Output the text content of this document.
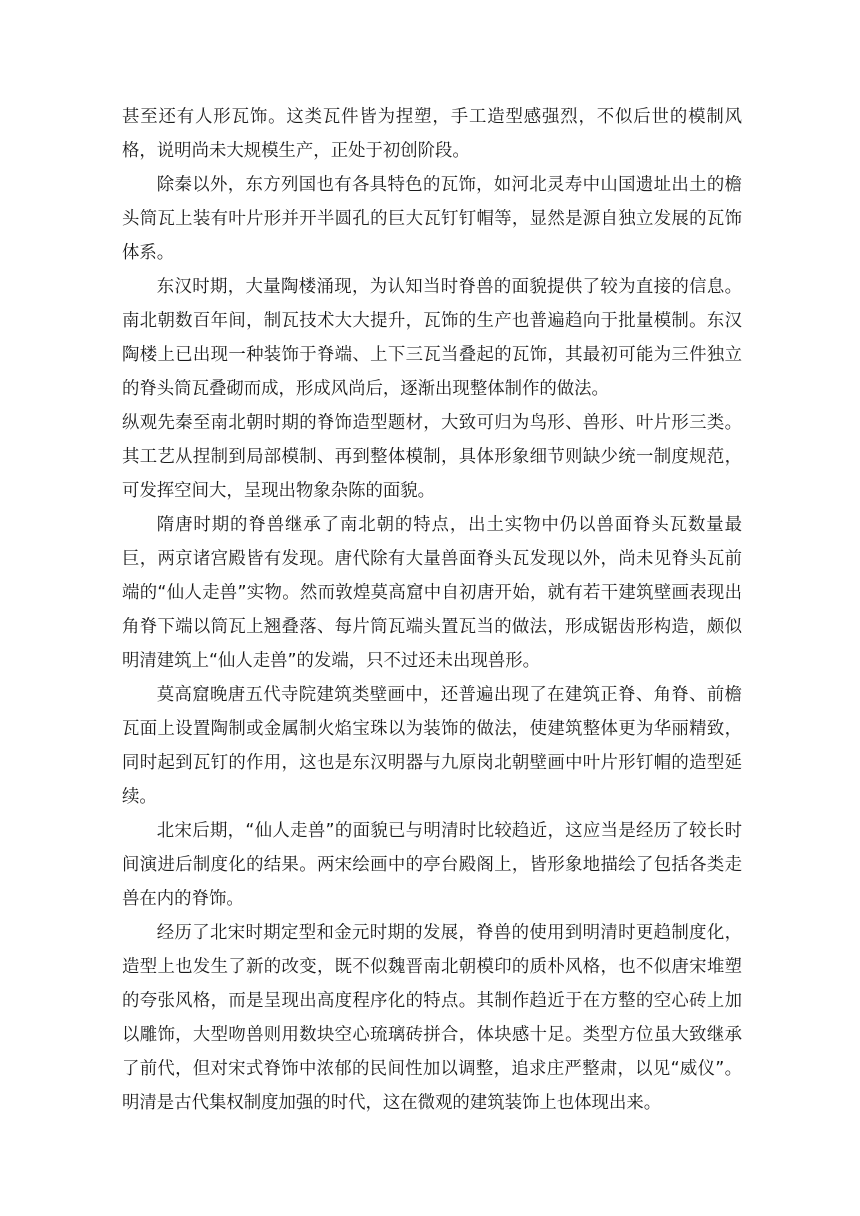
甚至还有人形瓦饰。这类瓦件皆为捏塑，手工造型感强烈，不似后世的模制风格，说明尚未大规模生产，正处于初创阶段。

除秦以外，东方列国也有各具特色的瓦饰，如河北灵寿中山国遗址出土的檐头筒瓦上装有叶片形并开半圆孔的巨大瓦钉钉帽等，显然是源自独立发展的瓦饰体系。

东汉时期，大量陶楼涌现，为认知当时脊兽的面貌提供了较为直接的信息。南北朝数百年间，制瓦技术大大提升，瓦饰的生产也普遍趋向于批量模制。东汉陶楼上已出现一种装饰于脊端、上下三瓦当叠起的瓦饰，其最初可能为三件独立的脊头筒瓦叠砌而成，形成风尚后，逐渐出现整体制作的做法。

纵观先秦至南北朝时期的脊饰造型题材，大致可归为鸟形、兽形、叶片形三类。其工艺从捏制到局部模制、再到整体模制，具体形象细节则缺少统一制度规范，可发挥空间大，呈现出物象杂陈的面貌。

隋唐时期的脊兽继承了南北朝的特点，出土实物中仍以兽面脊头瓦数量最巨，两京诸宫殿皆有发现。唐代除有大量兽面脊头瓦发现以外，尚未见脊头瓦前端的“仙人走兽”实物。然而敦煌莫高窟中自初唐开始，就有若干建筑壁画表现出角脊下端以筒瓦上翘叠落、每片筒瓦端头置瓦当的做法，形成锯齿形构造，颇似明清建筑上“仙人走兽”的发端，只不过还未出现兽形。

莫高窟晚唐五代寺院建筑类壁画中，还普遍出现了在建筑正脊、角脊、前檐瓦面上设置陶制或金属制火焰宝珠以为装饰的做法，使建筑整体更为华丽精致，同时起到瓦钉的作用，这也是东汉明器与九原岗北朝壁画中叶片形钉帽的造型延续。

北宋后期，“仙人走兽”的面貌已与明清时比较趋近，这应当是经历了较长时间演进后制度化的结果。两宋绘画中的亭台殿阁上，皆形象地描绘了包括各类走兽在内的脊饰。

经历了北宋时期定型和金元时期的发展，脊兽的使用到明清时更趋制度化，造型上也发生了新的改变，既不似魏晋南北朝模印的质朴风格，也不似唐宋堆塑的夸张风格，而是呈现出高度程序化的特点。其制作趋近于在方整的空心砖上加以雕饰，大型吻兽则用数块空心琉璃砖拼合，体块感十足。类型方位虽大致继承了前代，但对宋式脊饰中浓郁的民间性加以调整，追求庄严整肃，以见“威仪”。明清是古代集权制度加强的时代，这在微观的建筑装饰上也体现出来。
